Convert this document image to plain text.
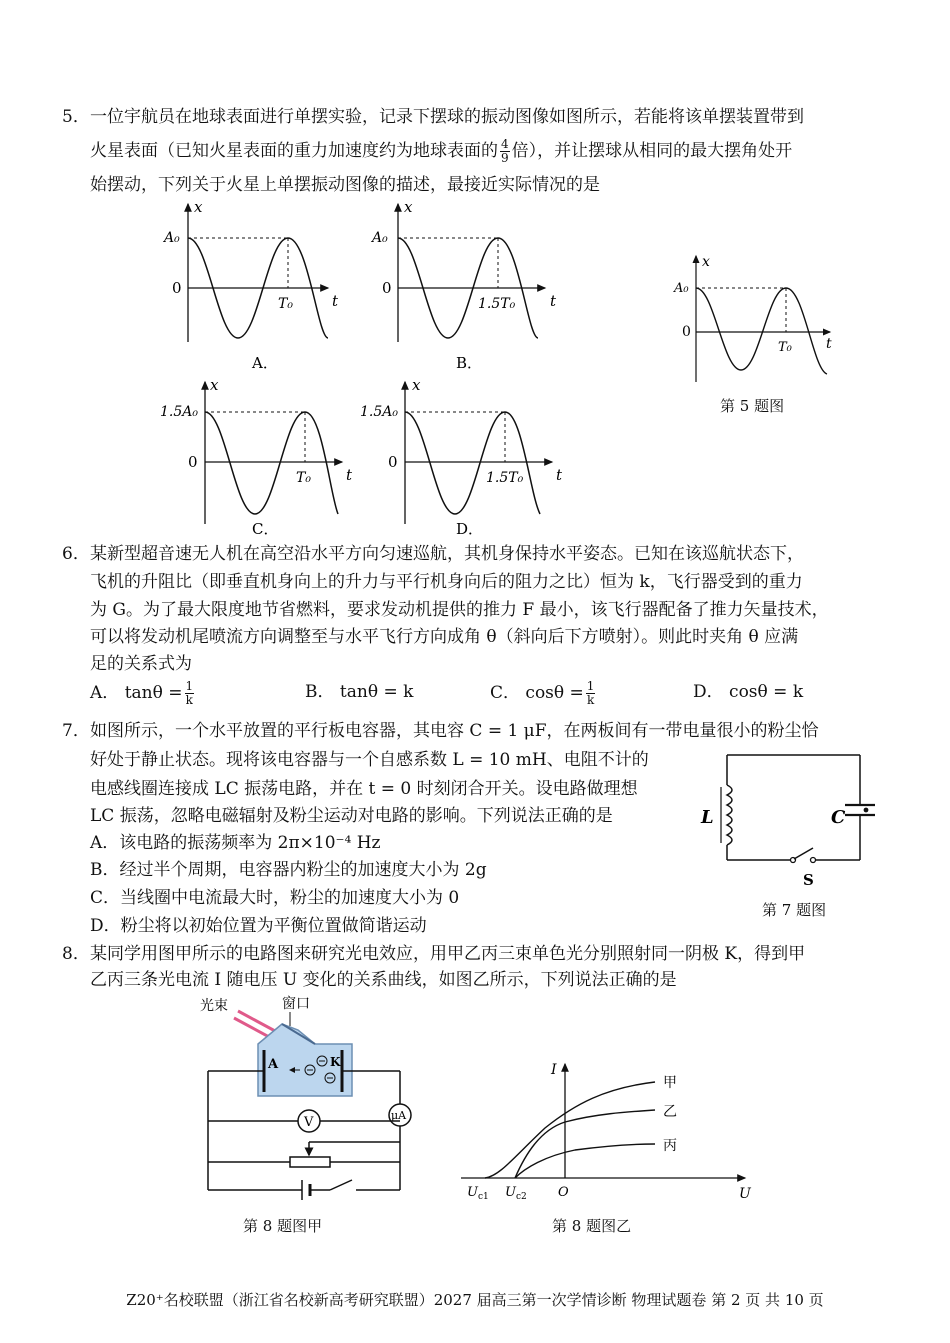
5． 一位宇航员在地球表面进行单摆实验，记录下摆球的振动图像如图所示，若能将该单摆装置带到
火星表面（已知火星表面的重力加速度约为地球表面的 $\frac{4}{9}$ 倍），并让摆球从相同的最大摆角处开
始摆动，下列关于火星上单摆振动图像的描述，最接近实际情况的是
x
A₀
0
T₀	t
A．
x
A₀
0
1.5T₀ t
B．
x
1.5A₀
0
T₀ t
C．
x
1.5A₀
0
1.5T₀ t
D．
x
A₀
0
T₀ t
第 5 题图
6． 某新型超音速无人机在高空沿水平方向匀速巡航，其机身保持水平姿态。已知在该巡航状态下，
飞机的升阻比（即垂直机身向上的升力与平行机身向后的阻力之比）恒为 k，飞行器受到的重力
为 G。为了最大限度地节省燃料，要求发动机提供的推力 F 最小，该飞行器配备了推力矢量技术，
可以将发动机尾喷流方向调整至与水平飞行方向成角 θ（斜向后下方喷射）。则此时夹角 θ 应满
足的关系式为
A． $\tan\theta = \frac{1}{k}$	B． tanθ = k	C． $\cos\theta = \frac{1}{k}$	D． cosθ = k
7． 如图所示，一个水平放置的平行板电容器，其电容 C = 1 μF，在两板间有一带电量很小的粉尘恰
好处于静止状态。现将该电容器与一个自感系数 L = 10 mH、电阻不计的
电感线圈连接成 LC 振荡电路，并在 t = 0 时刻闭合开关。设电路做理想
LC 振荡，忽略电磁辐射及粉尘运动对电路的影响。下列说法正确的是
A．该电路的振荡频率为 2π×10⁻⁴ Hz
B．经过半个周期，电容器内粉尘的加速度大小为 2g
C．当线圈中电流最大时，粉尘的加速度大小为 0
D．粉尘将以初始位置为平衡位置做简谐运动
L	C
S
第 7 题图
8． 某同学用图甲所示的电路图来研究光电效应，用甲乙丙三束单色光分别照射同一阴极 K，得到甲
乙丙三条光电流 I 随电压 U 变化的关系曲线，如图乙所示，下列说法正确的是
A	K
μA
V
光束	窗口
第 8 题图甲
I
U
O
$U_{c1}$ $U_{c2}$
甲
乙
丙
第 8 题图乙
Z20⁺名校联盟（浙江省名校新高考研究联盟）2027 届高三第一次学情诊断 物理试题卷 第 2 页 共 10 页
